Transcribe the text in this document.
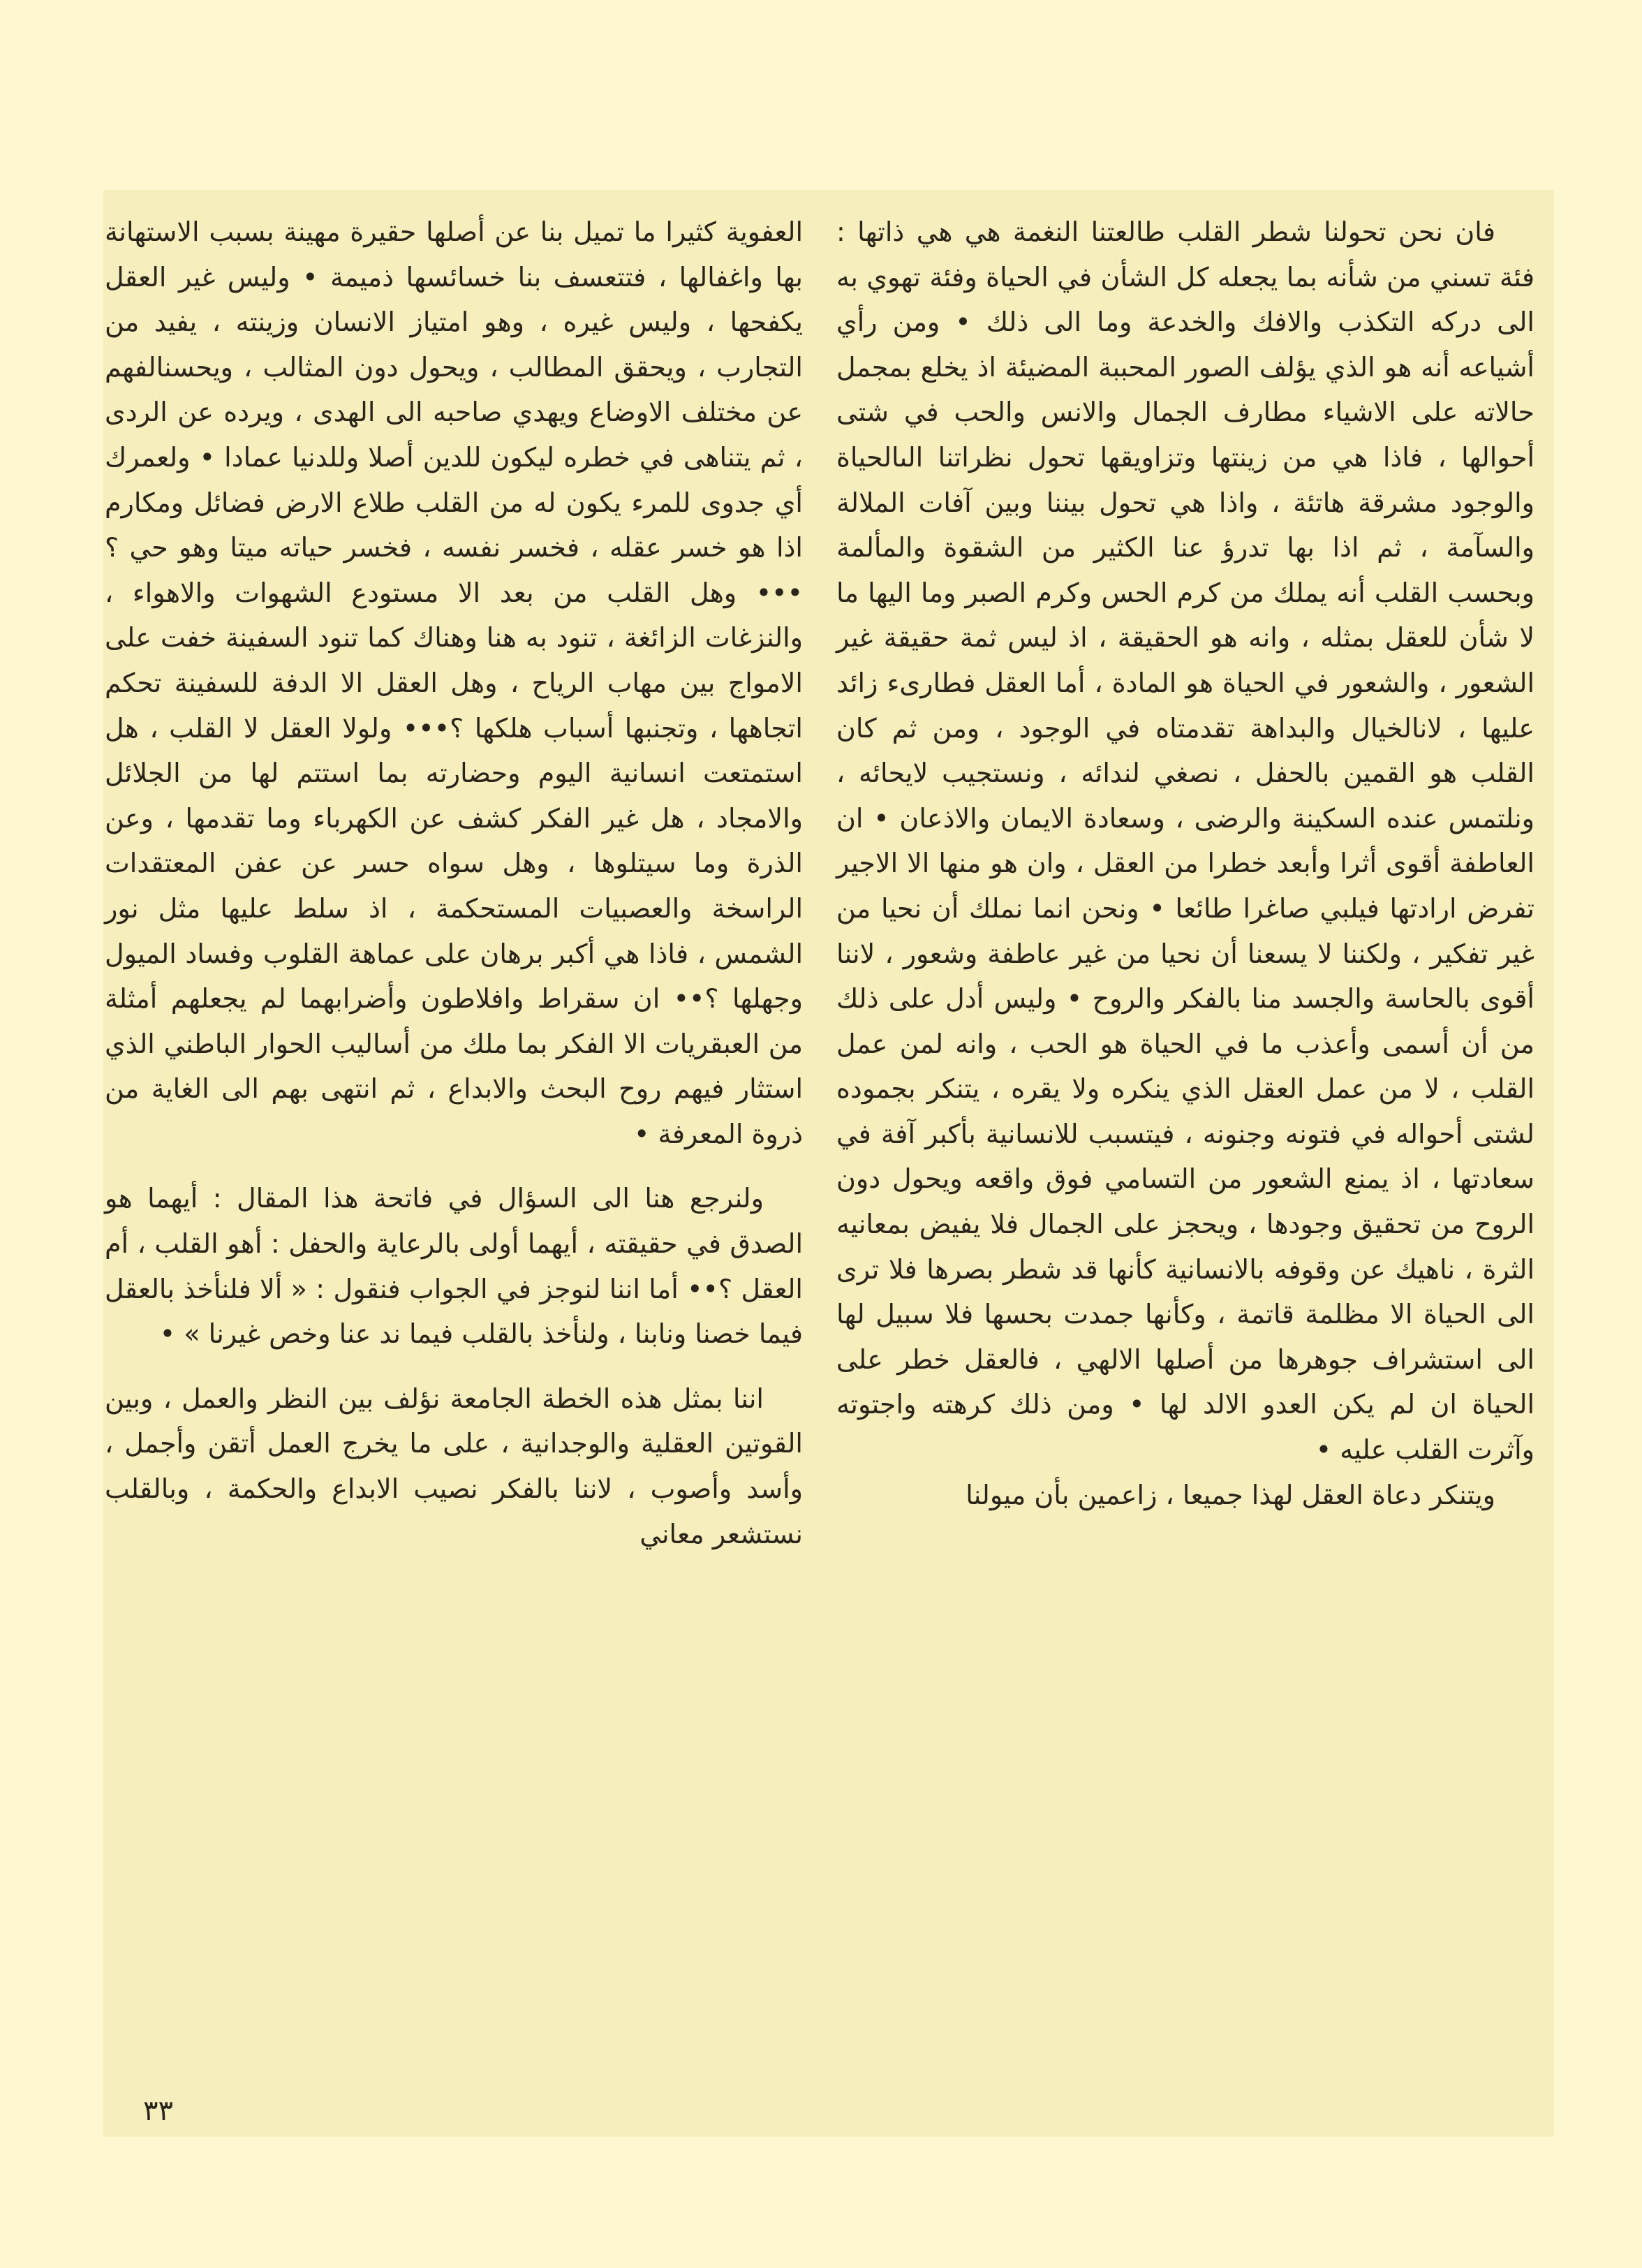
فان نحن تحولنا شطر القلب طالعتنا النغمة هي هي ذاتها : فئة تسني من شأنه بما يجعله كل الشأن في الحياة وفئة تهوي به الى دركه التكذب والافك والخدعة وما الى ذلك • ومن رأي أشياعه أنه هو الذي يؤلف الصور المحببة المضيئة اذ يخلع بمجمل حالاته على الاشياء مطارف الجمال والانس والحب في شتى أحوالها ، فاذا هي من زينتها وتزاويقها تحول نظراتنا الىالحياة والوجود مشرقة هاتئة ، واذا هي تحول بيننا وبين آفات الملالة والسآمة ، ثم اذا بها تدرؤ عنا الكثير من الشقوة والمألمة وبحسب القلب أنه يملك من كرم الحس وكرم الصبر وما اليها ما لا شأن للعقل بمثله ، وانه هو الحقيقة ، اذ ليس ثمة حقيقة غير الشعور ، والشعور في الحياة هو المادة ، أما العقل فطارىء زائد عليها ، لانالخيال والبداهة تقدمتاه في الوجود ، ومن ثم كان القلب هو القمين بالحفل ، نصغي لندائه ، ونستجيب لايحائه ، ونلتمس عنده السكينة والرضى ، وسعادة الايمان والاذعان • ان العاطفة أقوى أثرا وأبعد خطرا من العقل ، وان هو منها الا الاجير تفرض ارادتها فيلبي صاغرا طائعا • ونحن انما نملك أن نحيا من غير تفكير ، ولكننا لا يسعنا أن نحيا من غير عاطفة وشعور ، لاننا أقوى بالحاسة والجسد منا بالفكر والروح • وليس أدل على ذلك من أن أسمى وأعذب ما في الحياة هو الحب ، وانه لمن عمل القلب ، لا من عمل العقل الذي ينكره ولا يقره ، يتنكر بجموده لشتى أحواله في فتونه وجنونه ، فيتسبب للانسانية بأكبر آفة في سعادتها ، اذ يمنع الشعور من التسامي فوق واقعه ويحول دون الروح من تحقيق وجودها ، ويحجز على الجمال فلا يفيض بمعانيه الثرة ، ناهيك عن وقوفه بالانسانية كأنها قد شطر بصرها فلا ترى الى الحياة الا مظلمة قاتمة ، وكأنها جمدت بحسها فلا سبيل لها الى استشراف جوهرها من أصلها الالهي ، فالعقل خطر على الحياة ان لم يكن العدو الالد لها • ومن ذلك كرهته واجتوته وآثرت القلب عليه •

ويتنكر دعاة العقل لهذا جميعا ، زاعمين بأن ميولنا

العفوية كثيرا ما تميل بنا عن أصلها حقيرة مهينة بسبب الاستهانة بها واغفالها ، فتتعسف بنا خسائسها ذميمة • وليس غير العقل يكفحها ، وليس غيره ، وهو امتياز الانسان وزينته ، يفيد من التجارب ، ويحقق المطالب ، ويحول دون المثالب ، ويحسنالفهم عن مختلف الاوضاع ويهدي صاحبه الى الهدى ، ويرده عن الردى ، ثم يتناهى في خطره ليكون للدين أصلا وللدنيا عمادا • ولعمرك أي جدوى للمرء يكون له من القلب طلاع الارض فضائل ومكارم اذا هو خسر عقله ، فخسر نفسه ، فخسر حياته ميتا وهو حي ؟••• وهل القلب من بعد الا مستودع الشهوات والاهواء ، والنزغات الزائغة ، تنود به هنا وهناك كما تنود السفينة خفت على الامواج بين مهاب الرياح ، وهل العقل الا الدفة للسفينة تحكم اتجاهها ، وتجنبها أسباب هلكها ؟••• ولولا العقل لا القلب ، هل استمتعت انسانية اليوم وحضارته بما استتم لها من الجلائل والامجاد ، هل غير الفكر كشف عن الكهرباء وما تقدمها ، وعن الذرة وما سيتلوها ، وهل سواه حسر عن عفن المعتقدات الراسخة والعصبيات المستحكمة ، اذ سلط عليها مثل نور الشمس ، فاذا هي أكبر برهان على عماهة القلوب وفساد الميول وجهلها ؟•• ان سقراط وافلاطون وأضرابهما لم يجعلهم أمثلة من العبقريات الا الفكر بما ملك من أساليب الحوار الباطني الذي استثار فيهم روح البحث والابداع ، ثم انتهى بهم الى الغاية من ذروة المعرفة •

ولنرجع هنا الى السؤال في فاتحة هذا المقال : أيهما هو الصدق في حقيقته ، أيهما أولى بالرعاية والحفل : أهو القلب ، أم العقل ؟•• أما اننا لنوجز في الجواب فنقول : « ألا فلنأخذ بالعقل فيما خصنا ونابنا ، ولنأخذ بالقلب فيما ند عنا وخص غيرنا » •

اننا بمثل هذه الخطة الجامعة نؤلف بين النظر والعمل ، وبين القوتين العقلية والوجدانية ، على ما يخرج العمل أتقن وأجمل ، وأسد وأصوب ، لاننا بالفكر نصيب الابداع والحكمة ، وبالقلب نستشعر معاني

٣٣
